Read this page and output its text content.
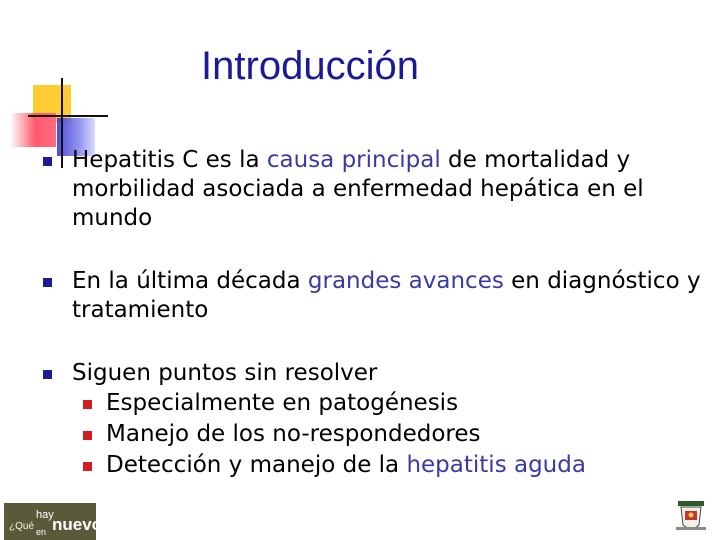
Introducción
Hepatitis C es la causa principal de mortalidad y morbilidad asociada a enfermedad hepática en el mundo
En la última década grandes avances en diagnóstico y tratamiento
Siguen puntos sin resolver
Especialmente en patogénesis
Manejo de los no-respondedores
Detección y manejo de la hepatitis aguda
¿Qué
hay
nuevo
en
